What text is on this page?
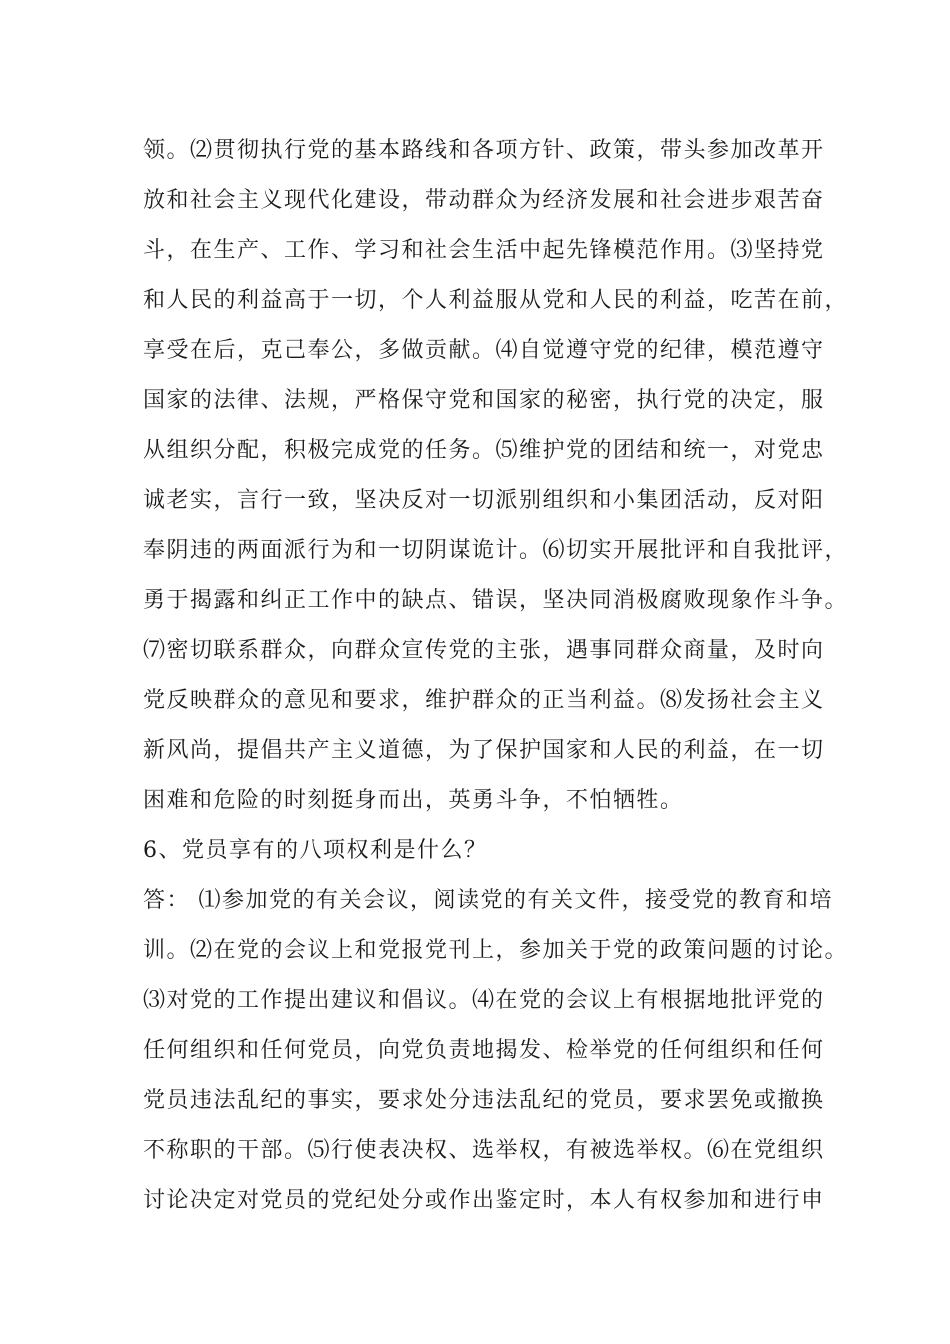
领。⑵贯彻执行党的基本路线和各项方针、政策，带头参加改革开
放和社会主义现代化建设，带动群众为经济发展和社会进步艰苦奋
斗，在生产、工作、学习和社会生活中起先锋模范作用。⑶坚持党
和人民的利益高于一切，个人利益服从党和人民的利益，吃苦在前，
享受在后，克己奉公，多做贡献。⑷自觉遵守党的纪律，模范遵守
国家的法律、法规，严格保守党和国家的秘密，执行党的决定，服
从组织分配，积极完成党的任务。⑸维护党的团结和统一，对党忠
诚老实，言行一致，坚决反对一切派别组织和小集团活动，反对阳
奉阴违的两面派行为和一切阴谋诡计。⑹切实开展批评和自我批评，
勇于揭露和纠正工作中的缺点、错误，坚决同消极腐败现象作斗争。
⑺密切联系群众，向群众宣传党的主张，遇事同群众商量，及时向
党反映群众的意见和要求，维护群众的正当利益。⑻发扬社会主义
新风尚，提倡共产主义道德，为了保护国家和人民的利益，在一切
困难和危险的时刻挺身而出，英勇斗争，不怕牺牲。
6、党员享有的八项权利是什么？
答： ⑴参加党的有关会议，阅读党的有关文件，接受党的教育和培
训。⑵在党的会议上和党报党刊上，参加关于党的政策问题的讨论。
⑶对党的工作提出建议和倡议。⑷在党的会议上有根据地批评党的
任何组织和任何党员，向党负责地揭发、检举党的任何组织和任何
党员违法乱纪的事实，要求处分违法乱纪的党员，要求罢免或撤换
不称职的干部。⑸行使表决权、选举权，有被选举权。⑹在党组织
讨论决定对党员的党纪处分或作出鉴定时，本人有权参加和进行申
